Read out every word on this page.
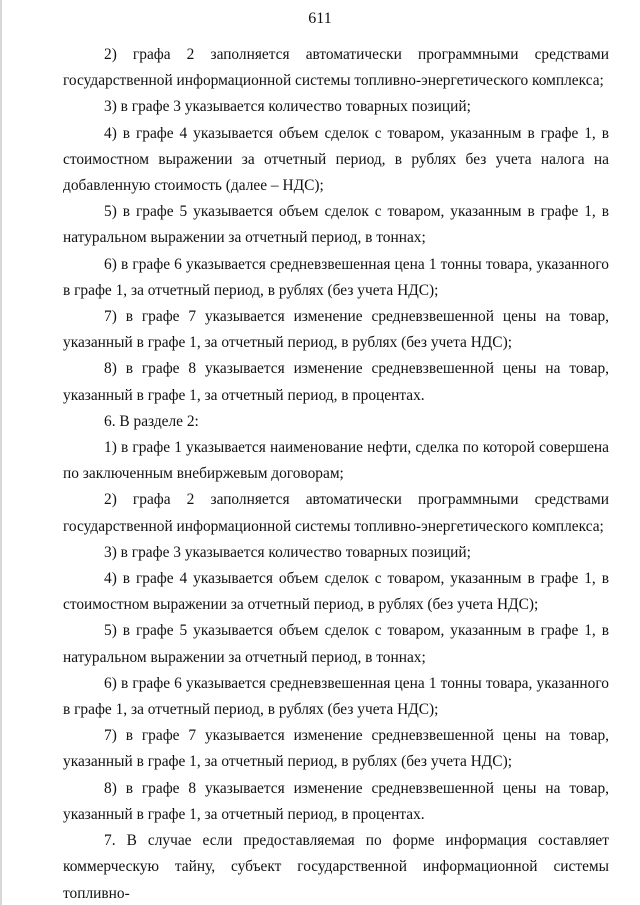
611

2) графа 2 заполняется автоматически программными средствами государственной информационной системы топливно-энергетического комплекса;

3) в графе 3 указывается количество товарных позиций;

4) в графе 4 указывается объем сделок с товаром, указанным в графе 1, в стоимостном выражении за отчетный период, в рублях без учета налога на добавленную стоимость (далее – НДС);

5) в графе 5 указывается объем сделок с товаром, указанным в графе 1, в натуральном выражении за отчетный период, в тоннах;

6) в графе 6 указывается средневзвешенная цена 1 тонны товара, указанного в графе 1, за отчетный период, в рублях (без учета НДС);

7) в графе 7 указывается изменение средневзвешенной цены на товар, указанный в графе 1, за отчетный период, в рублях (без учета НДС);

8) в графе 8 указывается изменение средневзвешенной цены на товар, указанный в графе 1, за отчетный период, в процентах.

6. В разделе 2:

1) в графе 1 указывается наименование нефти, сделка по которой совершена по заключенным внебиржевым договорам;

2) графа 2 заполняется автоматически программными средствами государственной информационной системы топливно-энергетического комплекса;

3) в графе 3 указывается количество товарных позиций;

4) в графе 4 указывается объем сделок с товаром, указанным в графе 1, в стоимостном выражении за отчетный период, в рублях (без учета НДС);

5) в графе 5 указывается объем сделок с товаром, указанным в графе 1, в натуральном выражении за отчетный период, в тоннах;

6) в графе 6 указывается средневзвешенная цена 1 тонны товара, указанного в графе 1, за отчетный период, в рублях (без учета НДС);

7) в графе 7 указывается изменение средневзвешенной цены на товар, указанный в графе 1, за отчетный период, в рублях (без учета НДС);

8) в графе 8 указывается изменение средневзвешенной цены на товар, указанный в графе 1, за отчетный период, в процентах.

7. В случае если предоставляемая по форме информация составляет коммерческую тайну, субъект государственной информационной системы топливно-
